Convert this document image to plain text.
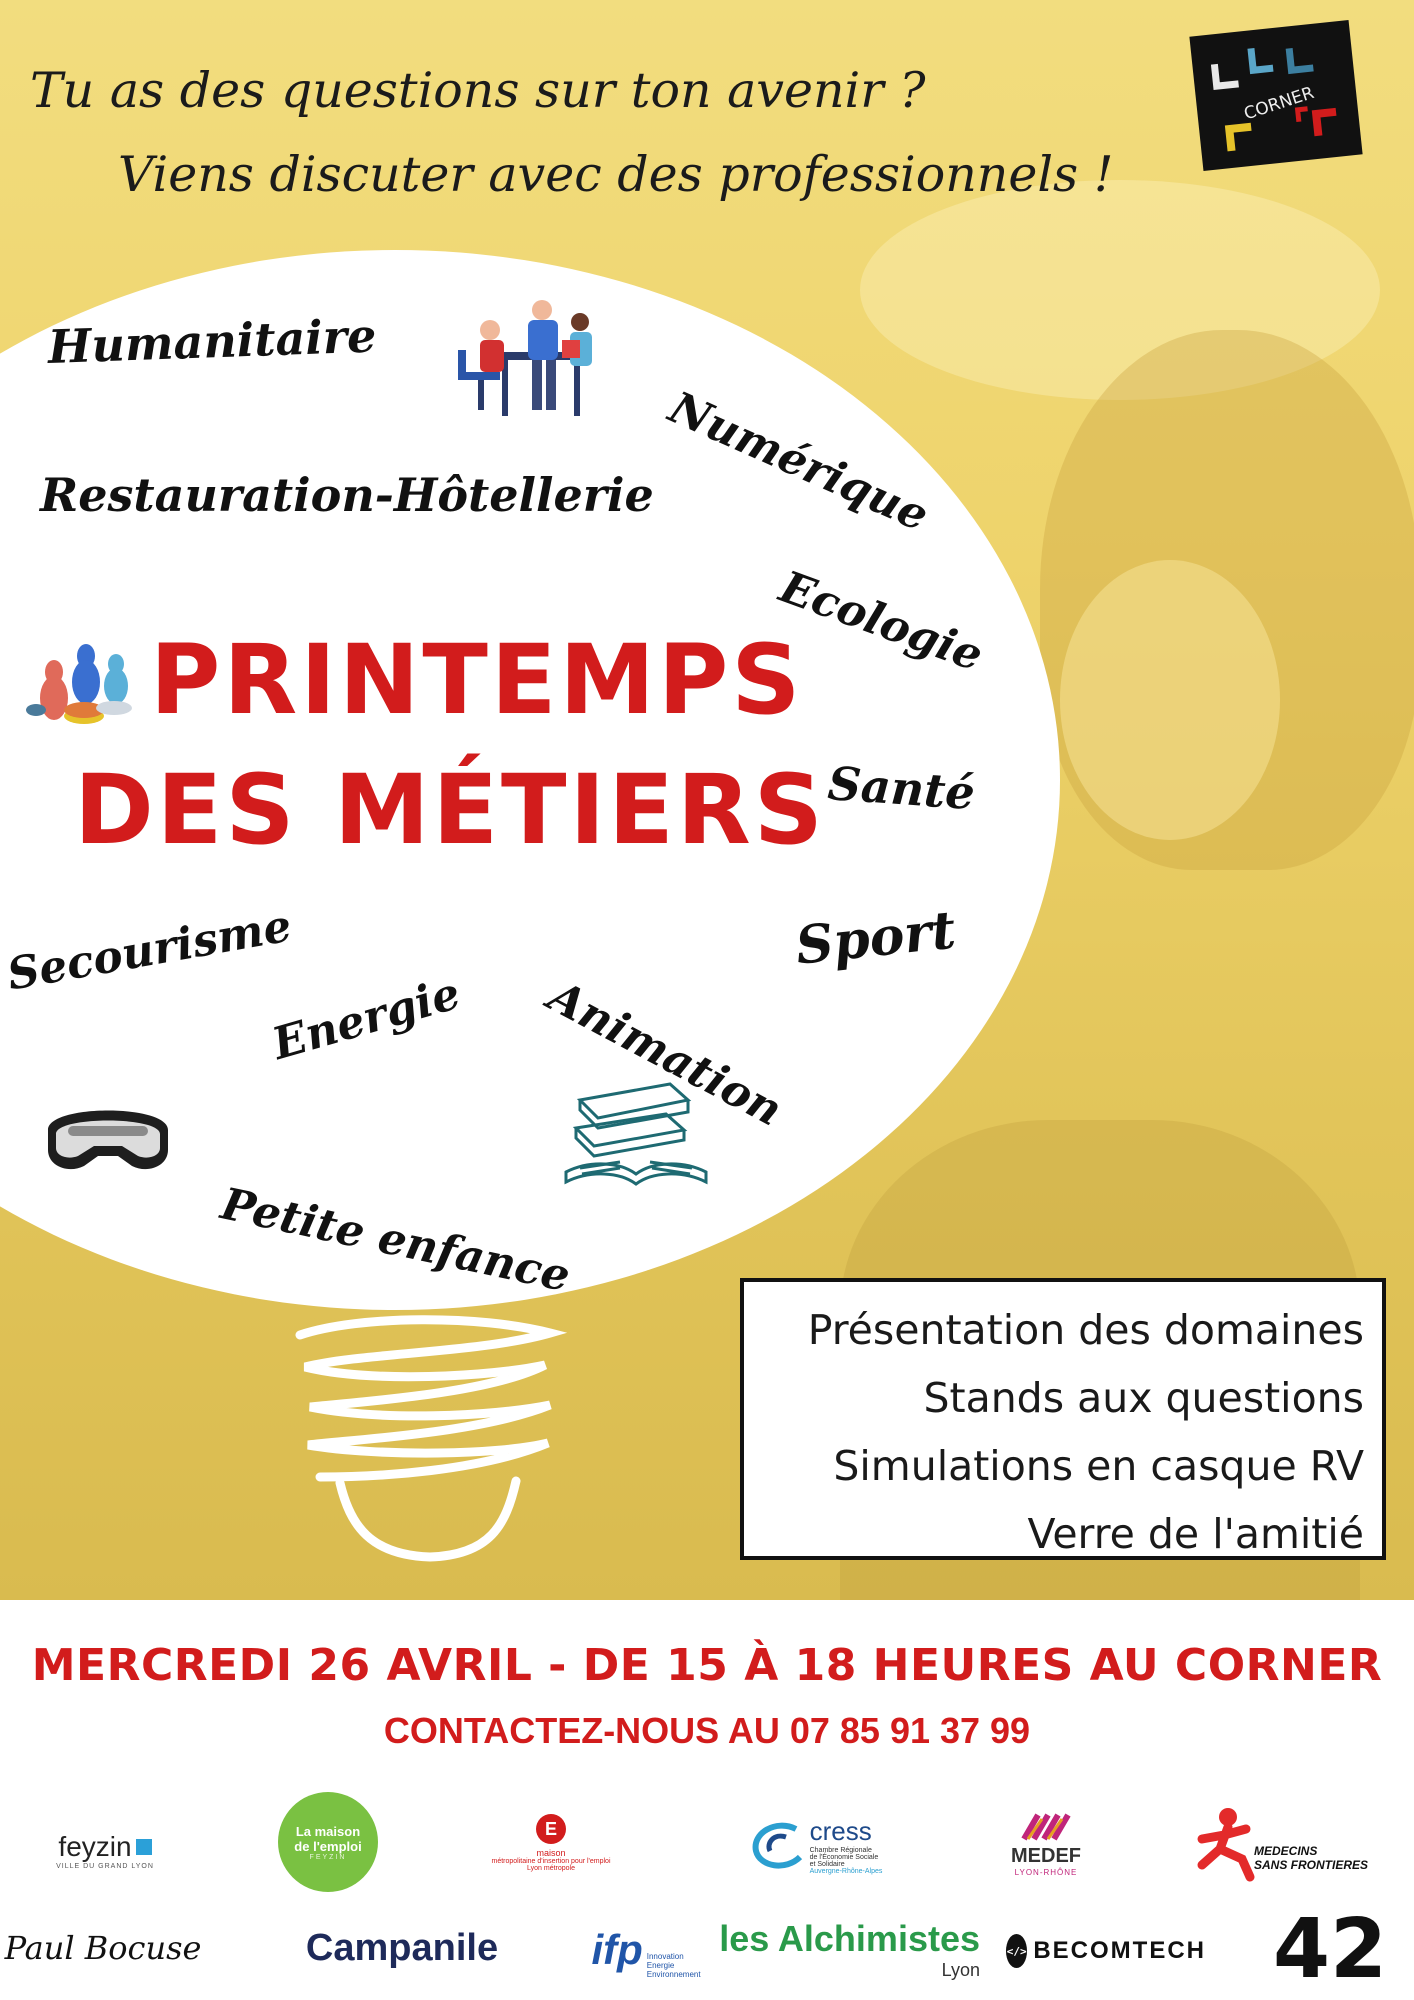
Tu as des questions sur ton avenir ?
Viens discuter avec des professionnels !
CORNER
Humanitaire
Restauration-Hôtellerie Numérique
Ecologie
Santé
Sport
Animation
Secourisme
Energie
Petite enfance
PRINTEMPS
DES MÉTIERS
Présentation des domaines
Stands aux questions
Simulations en casque RV
Verre de l'amitié
MERCREDI 26 AVRIL - DE 15 À 18 HEURES AU CORNER
CONTACTEZ-NOUS AU 07 85 91 37 99
feyzin
VILLE DU GRAND LYON
La maison de l'emploi
FEYZIN
E
maison
métropolitaine d'insertion pour l'emploi
Lyon métropole
cress
Chambre Régionale
de l'Économie Sociale
et Solidaire
Auvergne-Rhône-Alpes
MEDEF
LYON-RHÔNE
MEDECINS
SANS FRONTIERES
Paul Bocuse	Campanile ifp Innovation
Energie
Environnement
les Alchimistes
Lyon
</> BECOMTECH 42
